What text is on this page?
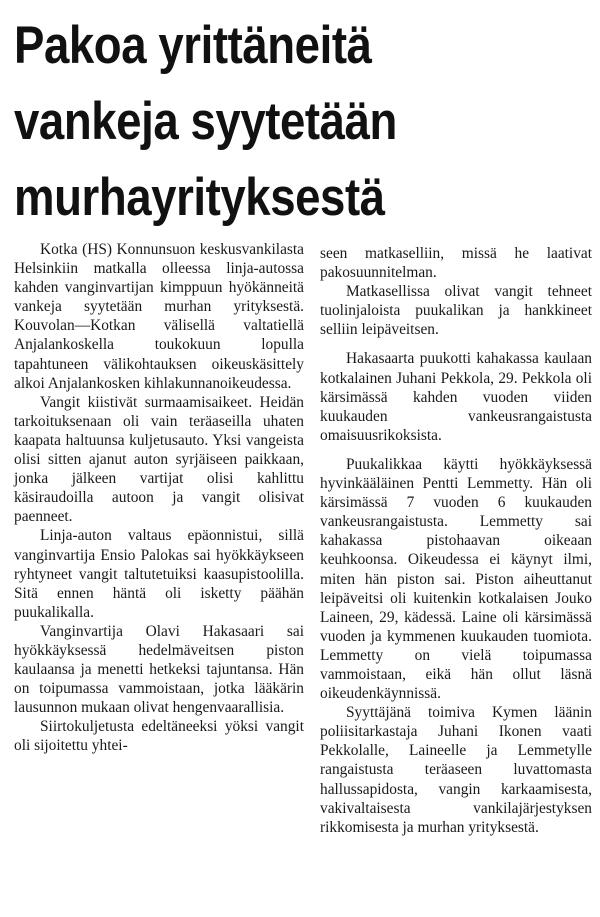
Pakoa yrittäneitä
vankeja syytetään
murhayrityksestä

Kotka (HS) Konnunsuon keskusvankilasta Helsinkiin matkalla olleessa linja-autossa kahden vanginvartijan kimppuun hyökänneitä vankeja syytetään murhan yrityksestä. Kouvolan—Kotkan välisellä valtatiellä Anjalankoskella toukokuun lopulla tapahtuneen välikohtauksen oikeuskäsittely alkoi Anjalankosken kihlakunnanoikeudessa.

Vangit kiistivät surmaamisaikeet. Heidän tarkoituksenaan oli vain teräaseilla uhaten kaapata haltuunsa kuljetusauto. Yksi vangeista olisi sitten ajanut auton syrjäiseen paikkaan, jonka jälkeen vartijat olisi kahlittu käsiraudoilla autoon ja vangit olisivat paenneet.

Linja-auton valtaus epäonnistui, sillä vanginvartija Ensio Palokas sai hyökkäykseen ryhtyneet vangit taltutetuiksi kaasupistoolilla. Sitä ennen häntä oli isketty päähän puukalikalla.

Vanginvartija Olavi Hakasaari sai hyökkäyksessä hedelmäveitsen piston kaulaansa ja menetti hetkeksi tajuntansa. Hän on toipumassa vammoistaan, jotka lääkärin lausunnon mukaan olivat hengenvaarallisia.

Siirtokuljetusta edeltäneeksi yöksi vangit oli sijoitettu yhtei-

seen matkaselliin, missä he laativat pakosuunnitelman.

Matkasellissa olivat vangit tehneet tuolinjaloista puukalikan ja hankkineet selliin leipäveitsen.

Hakasaarta puukotti kahakassa kaulaan kotkalainen Juhani Pekkola, 29. Pekkola oli kärsimässä kahden vuoden viiden kuukauden vankeusrangaistusta omaisuusrikoksista.

Puukalikkaa käytti hyökkäyksessä hyvinkääläinen Pentti Lemmetty. Hän oli kärsimässä 7 vuoden 6 kuukauden vankeusrangaistusta. Lemmetty sai kahakassa pistohaavan oikeaan keuhkoonsa. Oikeudessa ei käynyt ilmi, miten hän piston sai. Piston aiheuttanut leipäveitsi oli kuitenkin kotkalaisen Jouko Laineen, 29, kädessä. Laine oli kärsimässä vuoden ja kymmenen kuukauden tuomiota. Lemmetty on vielä toipumassa vammoistaan, eikä hän ollut läsnä oikeudenkäynnissä.

Syyttäjänä toimiva Kymen läänin poliisitarkastaja Juhani Ikonen vaati Pekkolalle, Laineelle ja Lemmetylle rangaistusta teräaseen luvattomasta hallussapidosta, vangin karkaamisesta, vakivaltaisesta vankilajärjestyksen rikkomisesta ja murhan yrityksestä.
